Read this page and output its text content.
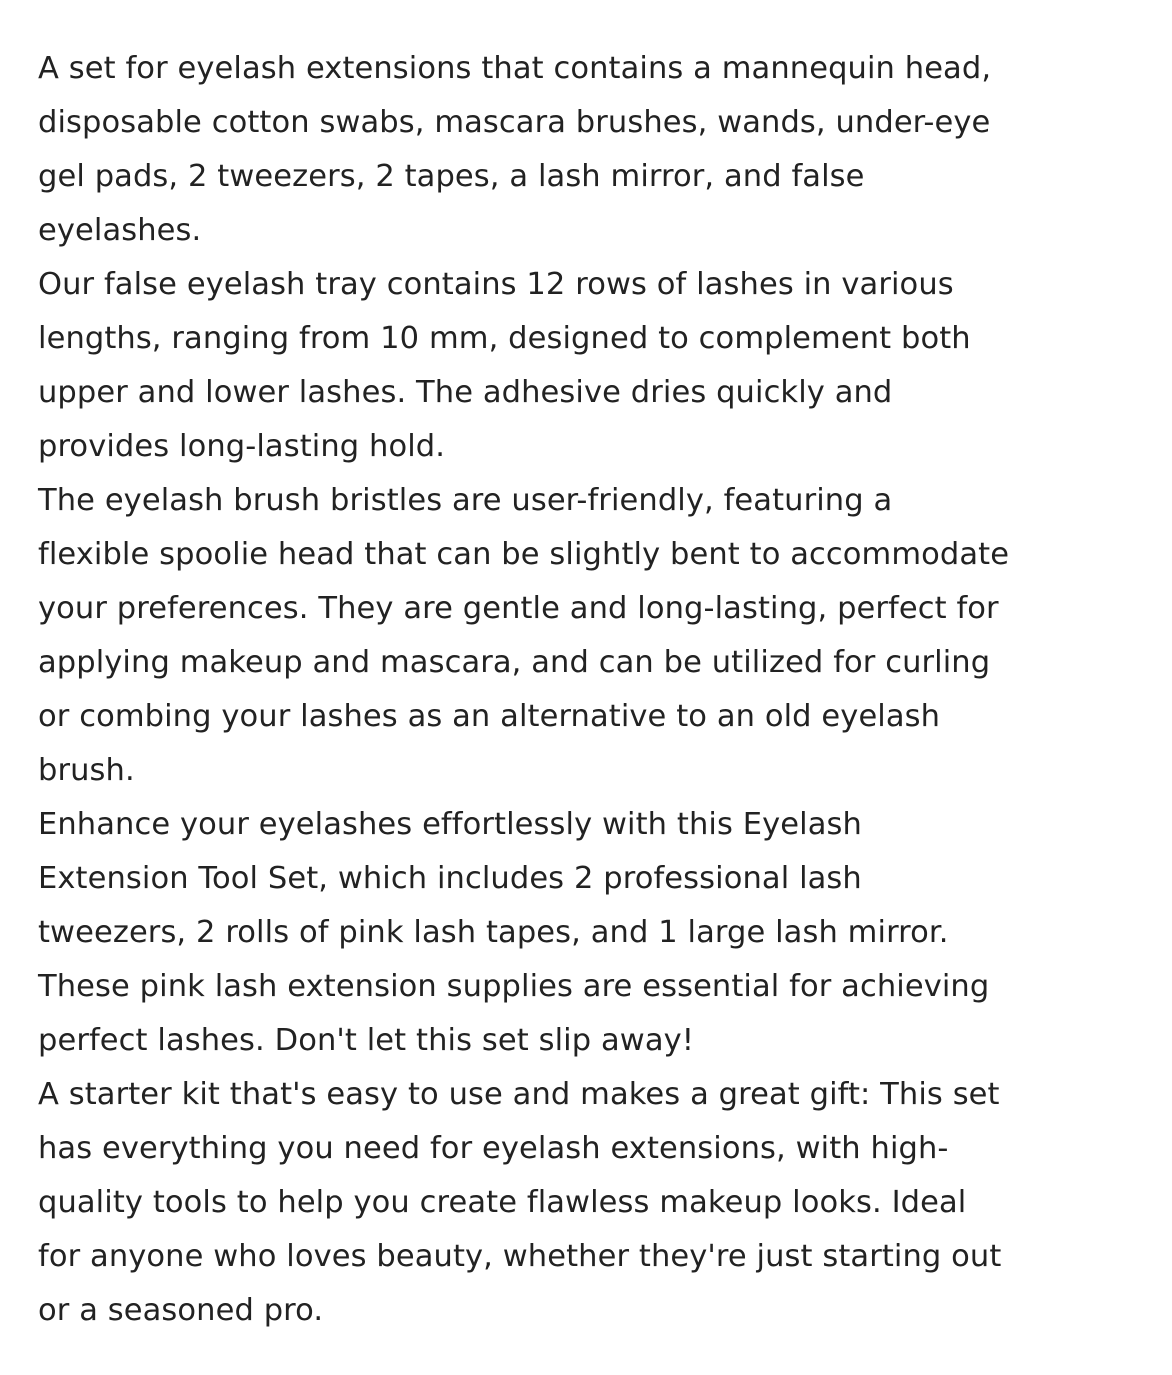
A set for eyelash extensions that contains a mannequin head,
disposable cotton swabs, mascara brushes, wands, under-eye
gel pads, 2 tweezers, 2 tapes, a lash mirror, and false
eyelashes.

Our false eyelash tray contains 12 rows of lashes in various
lengths, ranging from 10 mm, designed to complement both
upper and lower lashes. The adhesive dries quickly and
provides long-lasting hold.

The eyelash brush bristles are user-friendly, featuring a
flexible spoolie head that can be slightly bent to accommodate
your preferences. They are gentle and long-lasting, perfect for
applying makeup and mascara, and can be utilized for curling
or combing your lashes as an alternative to an old eyelash
brush.

Enhance your eyelashes effortlessly with this Eyelash
Extension Tool Set, which includes 2 professional lash
tweezers, 2 rolls of pink lash tapes, and 1 large lash mirror.
These pink lash extension supplies are essential for achieving
perfect lashes. Don't let this set slip away!

A starter kit that's easy to use and makes a great gift: This set
has everything you need for eyelash extensions, with high-
quality tools to help you create flawless makeup looks. Ideal
for anyone who loves beauty, whether they're just starting out
or a seasoned pro.
